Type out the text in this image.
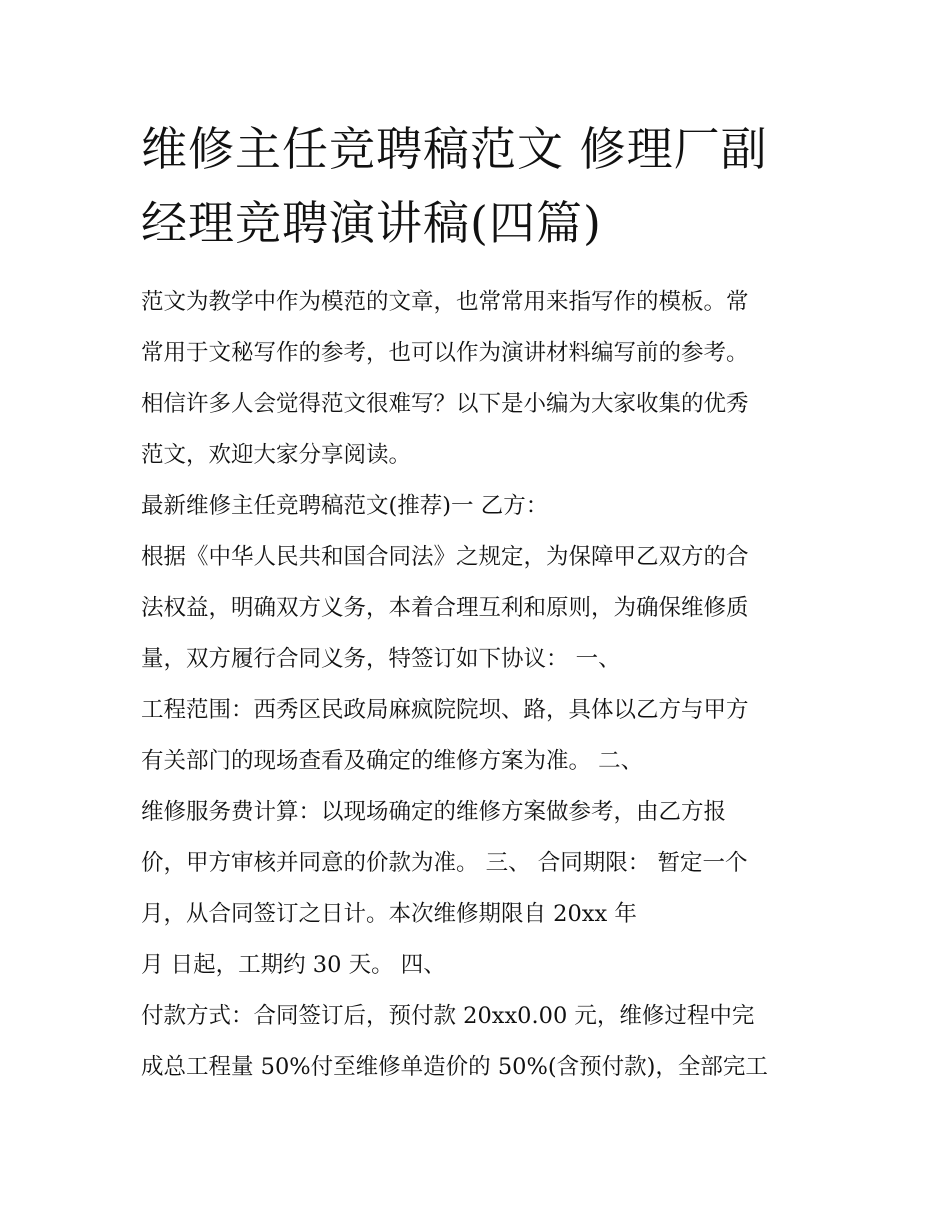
维修主任竞聘稿范文 修理厂副
经理竞聘演讲稿(四篇)
范文为教学中作为模范的文章，也常常用来指写作的模板。常
常用于文秘写作的参考，也可以作为演讲材料编写前的参考。
相信许多人会觉得范文很难写？以下是小编为大家收集的优秀
范文，欢迎大家分享阅读。
最新维修主任竞聘稿范文(推荐)一 乙方：
根据《中华人民共和国合同法》之规定，为保障甲乙双方的合
法权益，明确双方义务，本着合理互利和原则，为确保维修质
量，双方履行合同义务，特签订如下协议： 一、
工程范围：西秀区民政局麻疯院院坝、路，具体以乙方与甲方
有关部门的现场查看及确定的维修方案为准。 二、
维修服务费计算：以现场确定的维修方案做参考，由乙方报
价，甲方审核并同意的价款为准。 三、 合同期限： 暂定一个
月，从合同签订之日计。本次维修期限自 20xx 年
月 日起，工期约 30 天。 四、
付款方式：合同签订后，预付款 20xx0.00 元，维修过程中完
成总工程量 50%付至维修单造价的 50%(含预付款)，全部完工
